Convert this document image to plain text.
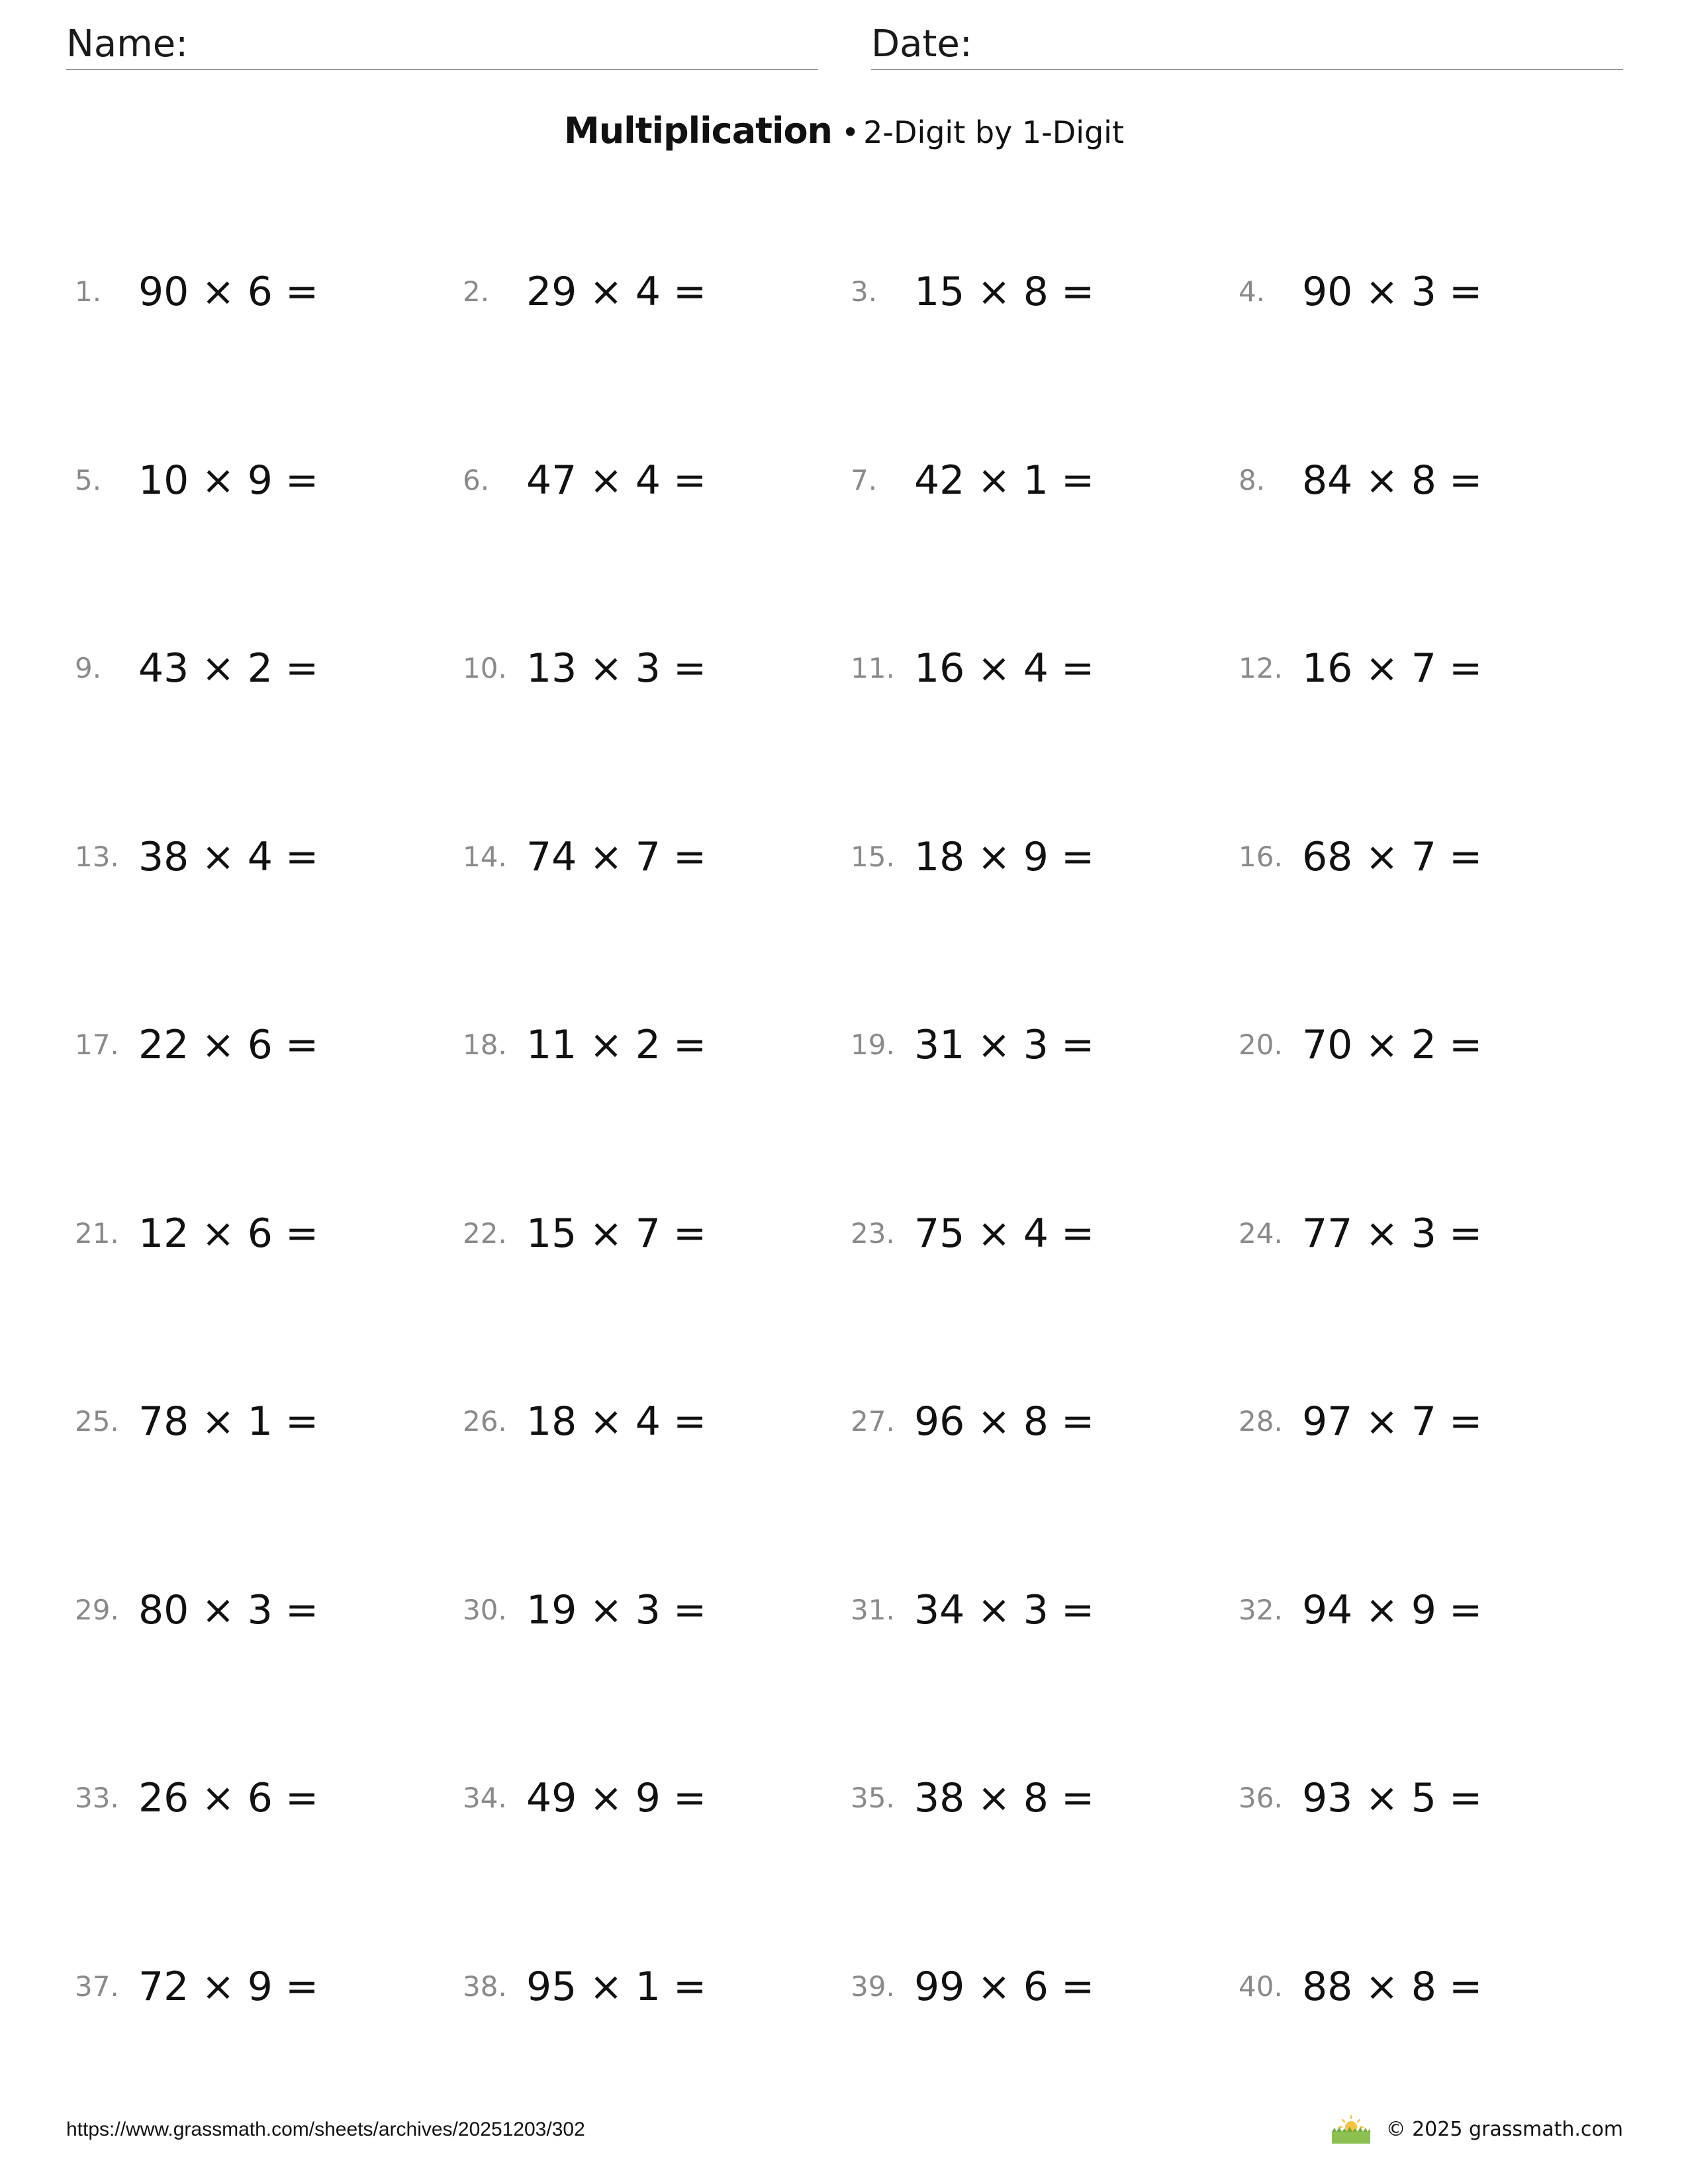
Name:	Date:
Multiplication • 2-Digit by 1-Digit
1. 90 × 6 =	2. 29 × 4 =	3. 15 × 8 =	4. 90 × 3 =
5. 10 × 9 =	6. 47 × 4 =	7. 42 × 1 =	8. 84 × 8 =
9. 43 × 2 =	10. 13 × 3 =	11. 16 × 4 =	12. 16 × 7 =
13. 38 × 4 =	14. 74 × 7 =	15. 18 × 9 =	16. 68 × 7 =
17. 22 × 6 =	18. 11 × 2 =	19. 31 × 3 =	20. 70 × 2 =
21. 12 × 6 =	22. 15 × 7 =	23. 75 × 4 =	24. 77 × 3 =
25. 78 × 1 =	26. 18 × 4 =	27. 96 × 8 =	28. 97 × 7 =
29. 80 × 3 =	30. 19 × 3 =	31. 34 × 3 =	32. 94 × 9 =
33. 26 × 6 =	34. 49 × 9 =	35. 38 × 8 =	36. 93 × 5 =
37. 72 × 9 =	38. 95 × 1 =	39. 99 × 6 =	40. 88 × 8 =
https://www.grassmath.com/sheets/archives/20251203/302	© 2025 grassmath.com
